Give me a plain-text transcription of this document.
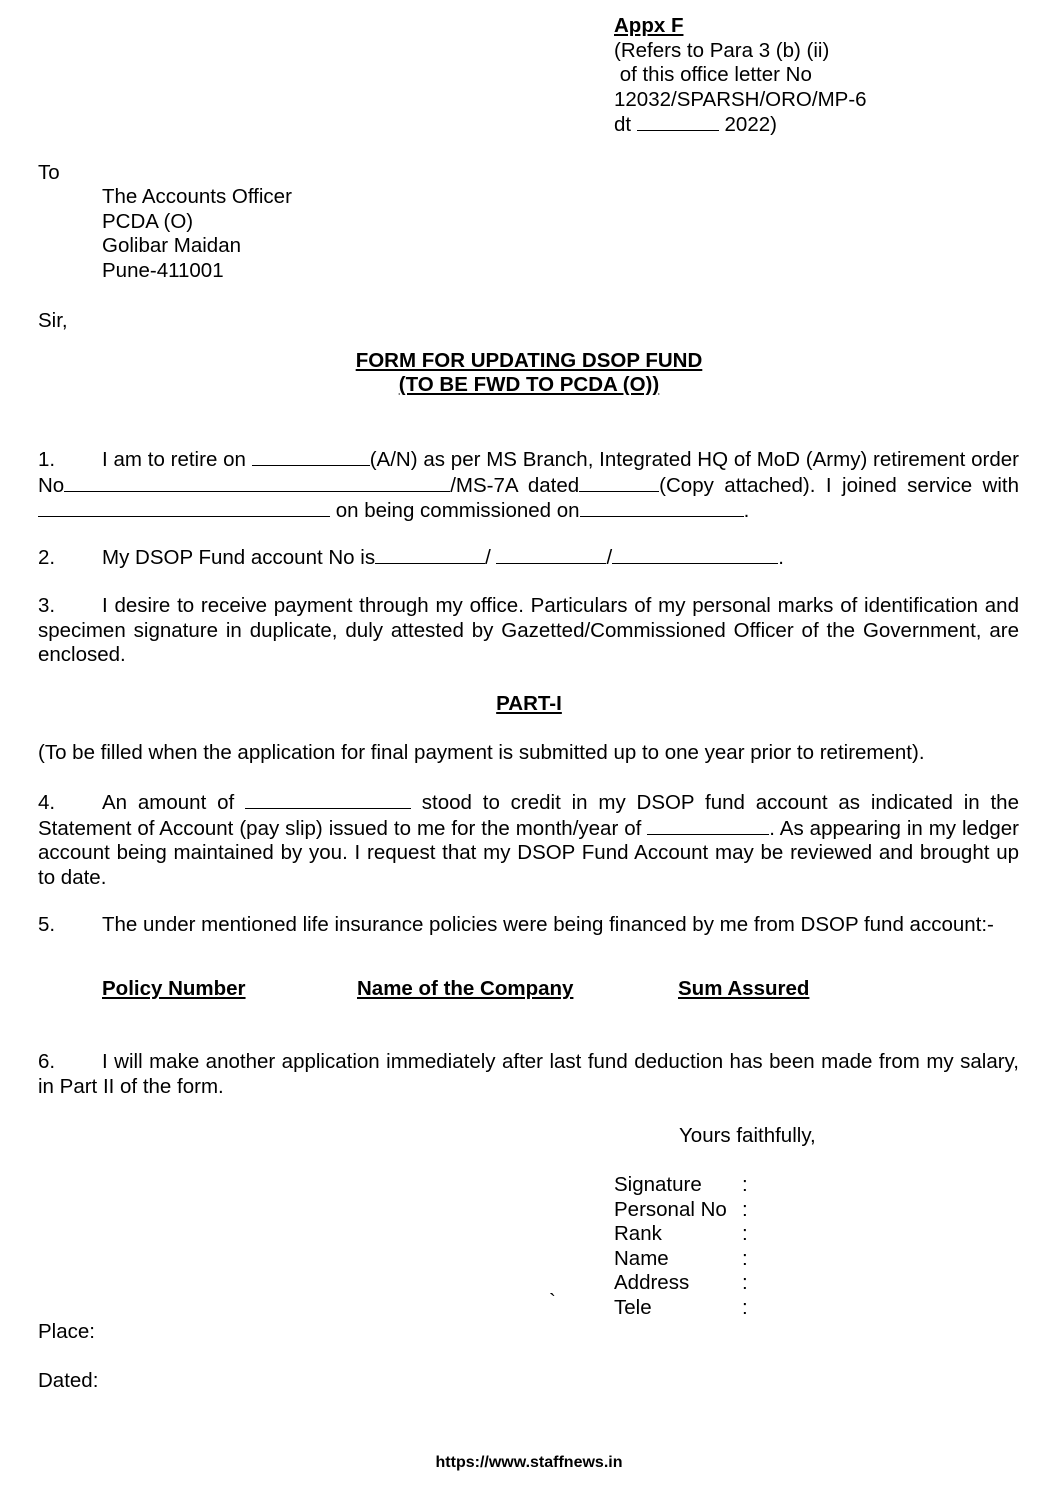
Appx F
(Refers to Para 3 (b) (ii)
of this office letter No
12032/SPARSH/ORO/MP-6
dt	2022)
To
The Accounts Officer
PCDA (O)
Golibar Maidan
Pune-411001
Sir,
FORM FOR UPDATING DSOP FUND
(TO BE FWD TO PCDA (O))
1. I am to retire on	(A/N) as per MS Branch, Integrated HQ of MoD (Army) retirement order No	/MS-7A dated	(Copy attached). I joined service with  on being commissioned on	.
2. My DSOP Fund account No is	/	/	.
3. I desire to receive payment through my office. Particulars of my personal marks of identification and specimen signature in duplicate, duly attested by Gazetted/Commissioned Officer of the Government, are enclosed.
PART-I
(To be filled when the application for final payment is submitted up to one year prior to retirement).
4. An amount of	stood to credit in my DSOP fund account as indicated in the Statement of Account (pay slip) issued to me for the month/year of	. As appearing in my ledger account being maintained by you. I request that my DSOP Fund Account may be reviewed and brought up to date.
5. The under mentioned life insurance policies were being financed by me from DSOP fund account:-
Policy Number	Name of the Company	Sum Assured
6. I will make another application immediately after last fund deduction has been made from my salary, in Part II of the form.
Yours faithfully,
Signature	:
Personal No :
Rank	:
Name	:
Address	:
Tele	:
`
Place:
Dated:
https://www.staffnews.in
